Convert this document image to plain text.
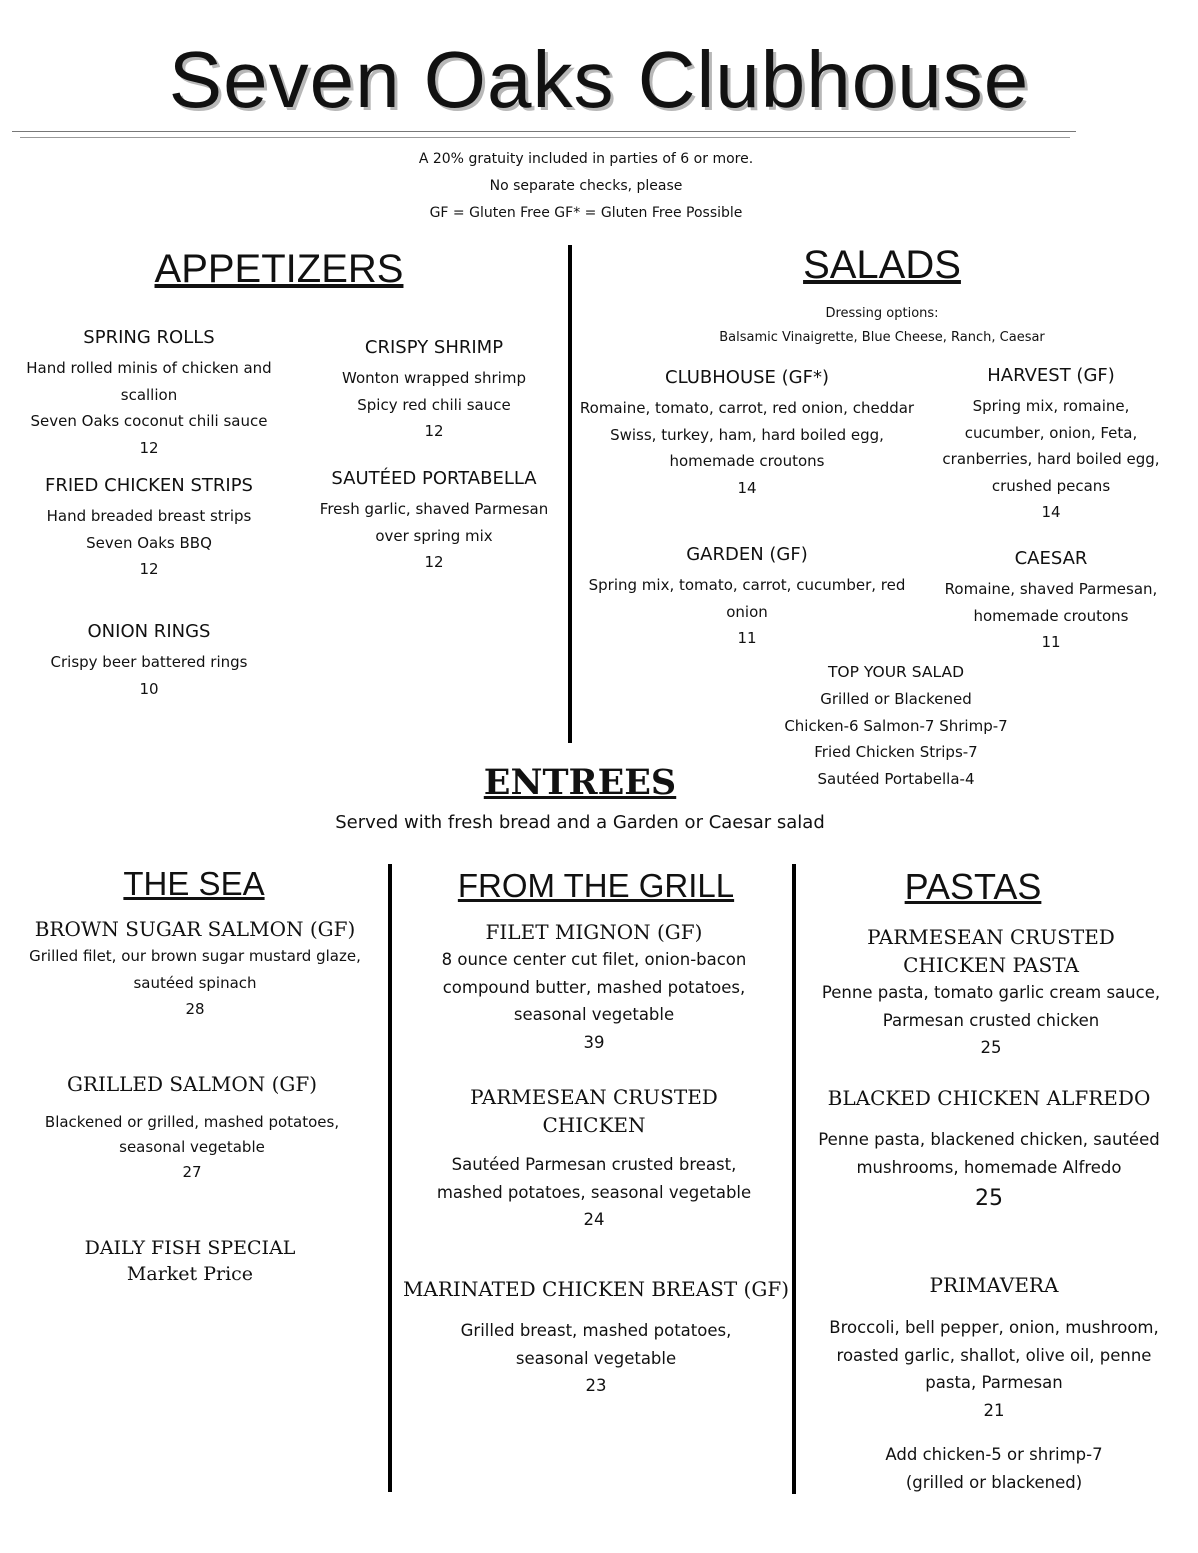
Seven Oaks Clubhouse
A 20% gratuity included in parties of 6 or more.
No separate checks, please
GF = Gluten Free GF* = Gluten Free Possible
APPETIZERS
SPRING ROLLS
Hand rolled minis of chicken and scallion
Seven Oaks coconut chili sauce
12
CRISPY SHRIMP
Wonton wrapped shrimp
Spicy red chili sauce
12
FRIED CHICKEN STRIPS
Hand breaded breast strips
Seven Oaks BBQ
12
SAUTÉED PORTABELLA
Fresh garlic, shaved Parmesan
over spring mix
12
ONION RINGS
Crispy beer battered rings
10
SALADS
Dressing options:
Balsamic Vinaigrette, Blue Cheese, Ranch, Caesar
CLUBHOUSE (GF*)
Romaine, tomato, carrot, red onion, cheddar
Swiss, turkey, ham, hard boiled egg,
homemade croutons
14
HARVEST (GF)
Spring mix, romaine,
cucumber, onion, Feta,
cranberries, hard boiled egg,
crushed pecans
14
GARDEN (GF)
Spring mix, tomato, carrot, cucumber, red
onion
11
CAESAR
Romaine, shaved Parmesan,
homemade croutons
11
TOP YOUR SALAD
Grilled or Blackened
Chicken-6 Salmon-7 Shrimp-7
Fried Chicken Strips-7
Sautéed Portabella-4
ENTREES
Served with fresh bread and a Garden or Caesar salad
THE SEA
BROWN SUGAR SALMON (GF)
Grilled filet, our brown sugar mustard glaze,
sautéed spinach
28
GRILLED SALMON (GF)
Blackened or grilled, mashed potatoes,
seasonal vegetable
27
DAILY FISH SPECIAL
Market Price
FROM THE GRILL
FILET MIGNON (GF)
8 ounce center cut filet, onion-bacon
compound butter, mashed potatoes,
seasonal vegetable
39
PARMESEAN CRUSTED
CHICKEN
Sautéed Parmesan crusted breast,
mashed potatoes, seasonal vegetable
24
MARINATED CHICKEN BREAST (GF)
Grilled breast, mashed potatoes,
seasonal vegetable
23
PASTAS
PARMESEAN CRUSTED
CHICKEN PASTA
Penne pasta, tomato garlic cream sauce,
Parmesan crusted chicken
25
BLACKED CHICKEN ALFREDO
Penne pasta, blackened chicken, sautéed
mushrooms, homemade Alfredo
25
PRIMAVERA
Broccoli, bell pepper, onion, mushroom,
roasted garlic, shallot, olive oil, penne
pasta, Parmesan
21
Add chicken-5 or shrimp-7
(grilled or blackened)
